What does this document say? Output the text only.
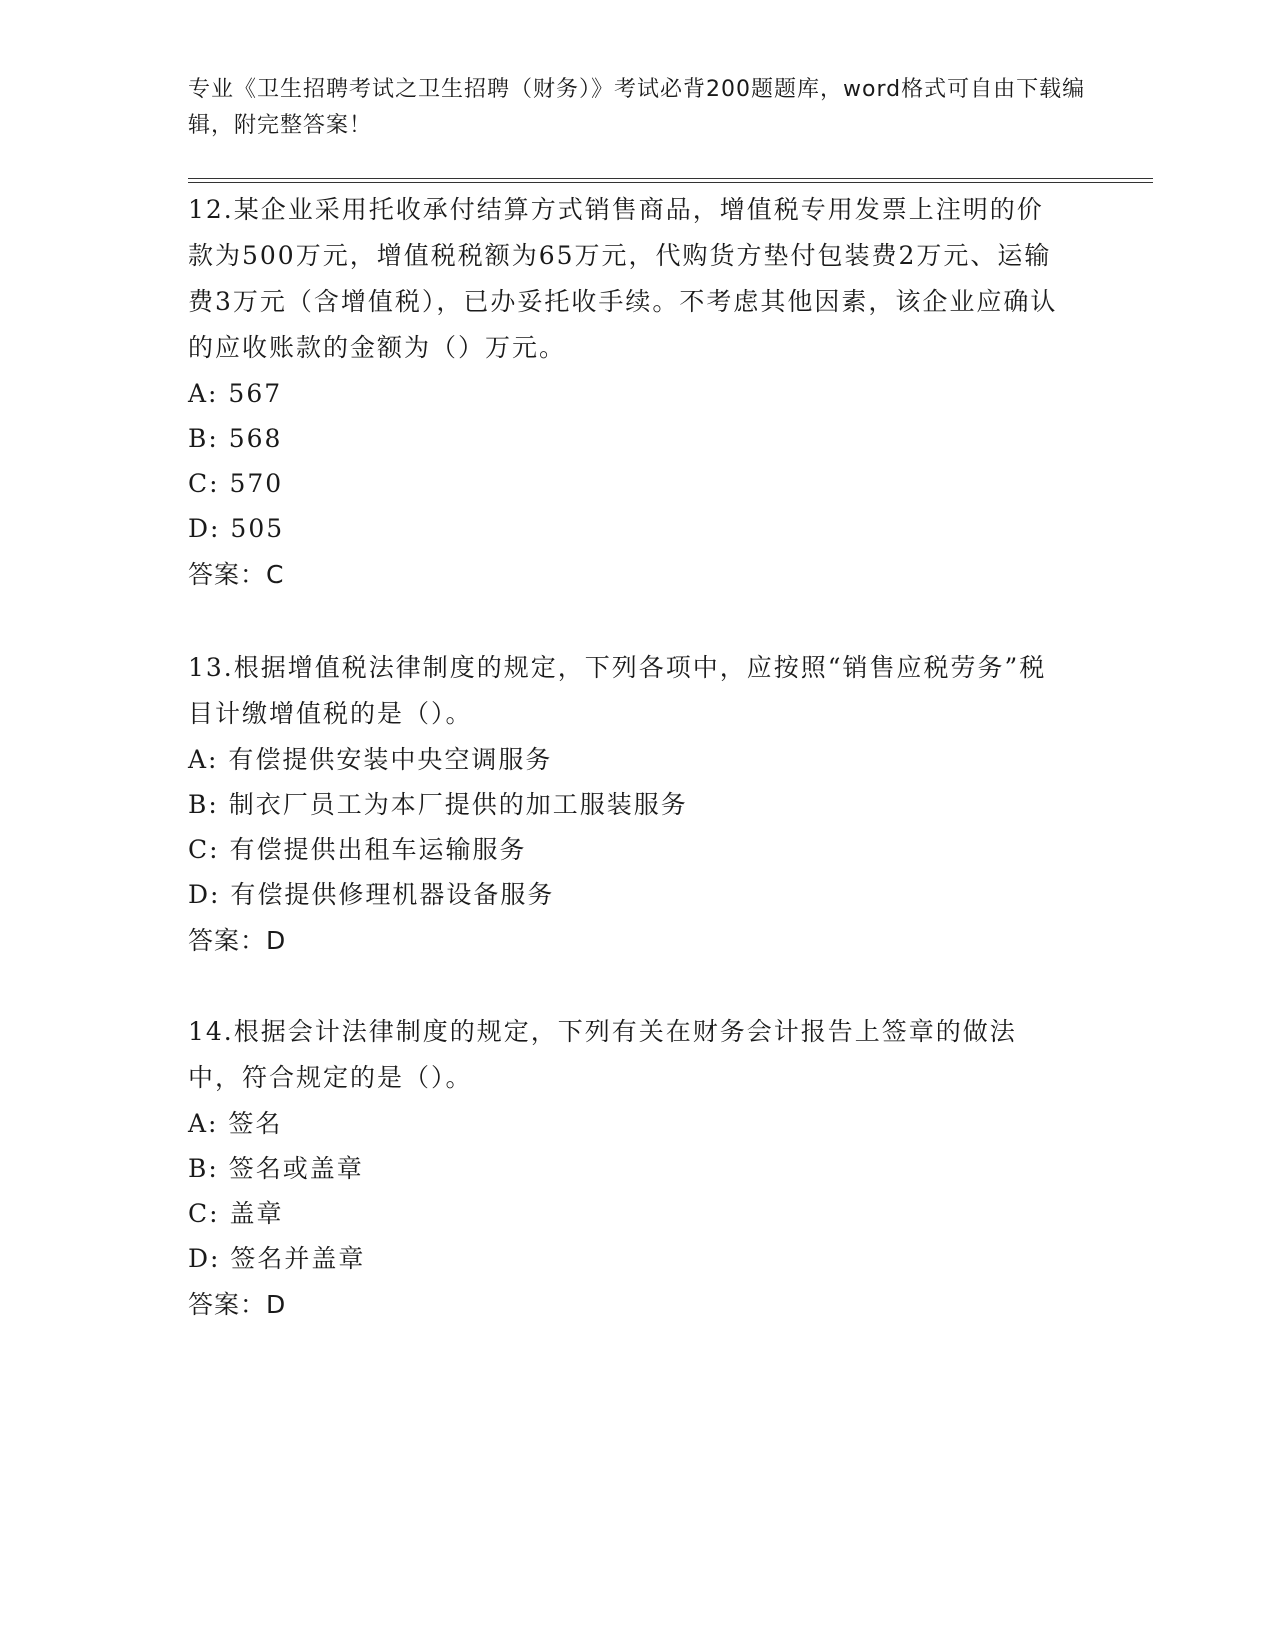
专业《卫生招聘考试之卫生招聘（财务）》考试必背200题题库，word格式可自由下载编辑，附完整答案！
12.某企业采用托收承付结算方式销售商品，增值税专用发票上注明的价款为500万元，增值税税额为65万元，代购货方垫付包装费2万元、运输费3万元（含增值税），已办妥托收手续。不考虑其他因素，该企业应确认的应收账款的金额为（）万元。
A: 567
B: 568
C: 570
D: 505
答案：C
13.根据增值税法律制度的规定，下列各项中，应按照“销售应税劳务”税目计缴增值税的是（）。
A: 有偿提供安装中央空调服务
B: 制衣厂员工为本厂提供的加工服装服务
C: 有偿提供出租车运输服务
D: 有偿提供修理机器设备服务
答案：D
14.根据会计法律制度的规定，下列有关在财务会计报告上签章的做法中，符合规定的是（）。
A: 签名
B: 签名或盖章
C: 盖章
D: 签名并盖章
答案：D
